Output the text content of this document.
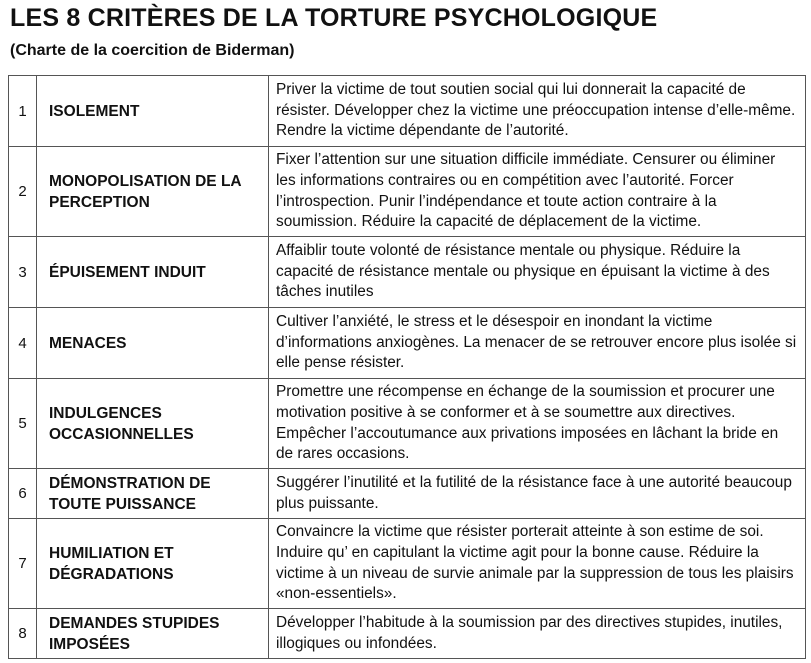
LES 8 CRITÈRES DE LA TORTURE PSYCHOLOGIQUE
(Charte de la coercition de Biderman)
1	ISOLEMENT	Priver la victime de tout soutien social qui lui donnerait la capacité de résister. Développer chez la victime une préoccupation intense d’elle-même. Rendre la victime dépendante de l’autorité.
2	MONOPOLISATION DE LA PERCEPTION	Fixer l’attention sur une situation difficile immédiate. Censurer ou éliminer les informations contraires ou en compétition avec l’autorité. Forcer l’introspection. Punir l’indépendance et toute action contraire à la soumission. Réduire la capacité de déplacement de la victime.
3	ÉPUISEMENT INDUIT	Affaiblir toute volonté de résistance mentale ou physique. Réduire la capacité de résistance mentale ou physique en épuisant la victime à des tâches inutiles
4	MENACES	Cultiver l’anxiété, le stress et le désespoir en inondant la victime d’informations anxiogènes. La menacer de se retrouver encore plus isolée si elle pense résister.
5	INDULGENCES OCCASIONNELLES	Promettre une récompense en échange de la soumission et procurer une motivation positive à se conformer et à se soumettre aux directives. Empêcher l’accoutumance aux privations imposées en lâchant la bride en de rares occasions.
6	DÉMONSTRATION DE TOUTE PUISSANCE	Suggérer l’inutilité et la futilité de la résistance face à une autorité beaucoup plus puissante.
7	HUMILIATION ET DÉGRADATIONS	Convaincre la victime que résister porterait atteinte à son estime de soi. Induire qu’ en capitulant la victime agit pour la bonne cause. Réduire la victime à un niveau de survie animale par la suppression de tous les plaisirs «non-essentiels».
8	DEMANDES STUPIDES IMPOSÉES	Développer l’habitude à la soumission par des directives stupides, inutiles, illogiques ou infondées.
